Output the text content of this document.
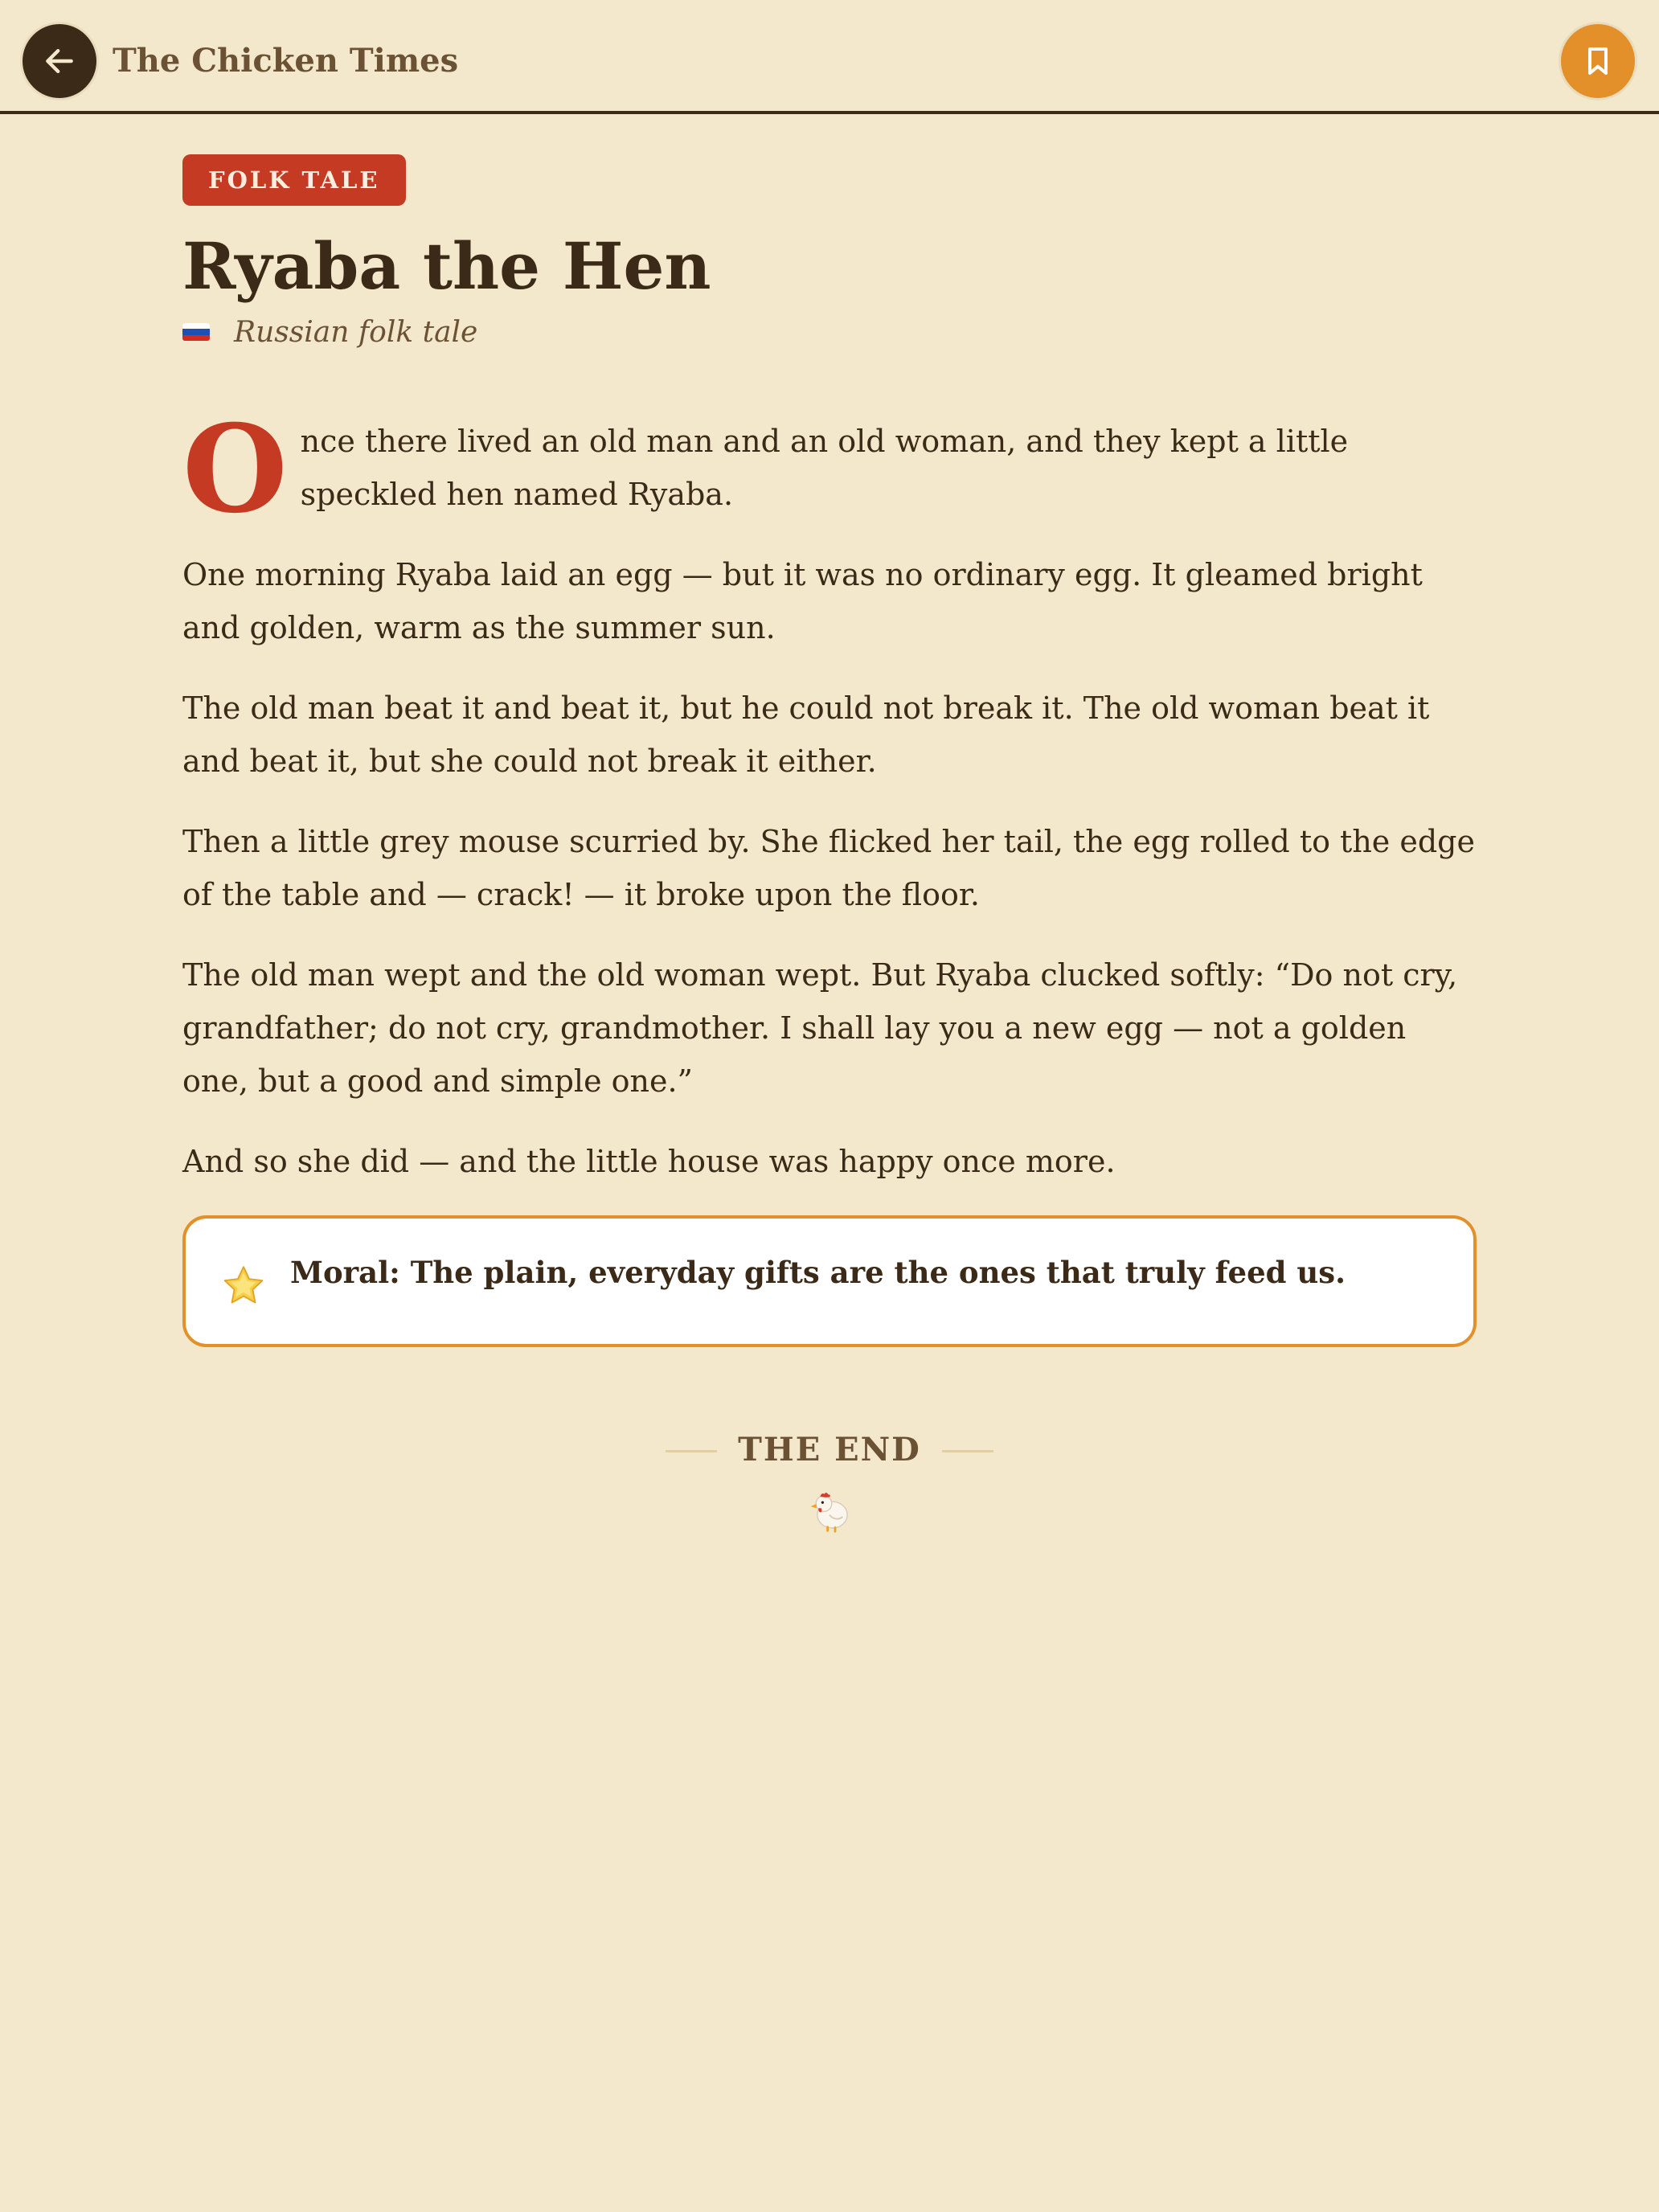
The Chicken Times
FOLK TALE
Ryaba the Hen
Russian folk tale

Once there lived an old man and an old woman, and they kept a little speckled hen named Ryaba.

One morning Ryaba laid an egg — but it was no ordinary egg. It gleamed bright and golden, warm as the summer sun.

The old man beat it and beat it, but he could not break it. The old woman beat it and beat it, but she could not break it either.

Then a little grey mouse scurried by. She flicked her tail, the egg rolled to the edge of the table and — crack! — it broke upon the floor.

The old man wept and the old woman wept. But Ryaba clucked softly: “Do not cry, grandfather; do not cry, grandmother. I shall lay you a new egg — not a golden one, but a good and simple one.”

And so she did — and the little house was happy once more.

Moral: The plain, everyday gifts are the ones that truly feed us.
THE END
